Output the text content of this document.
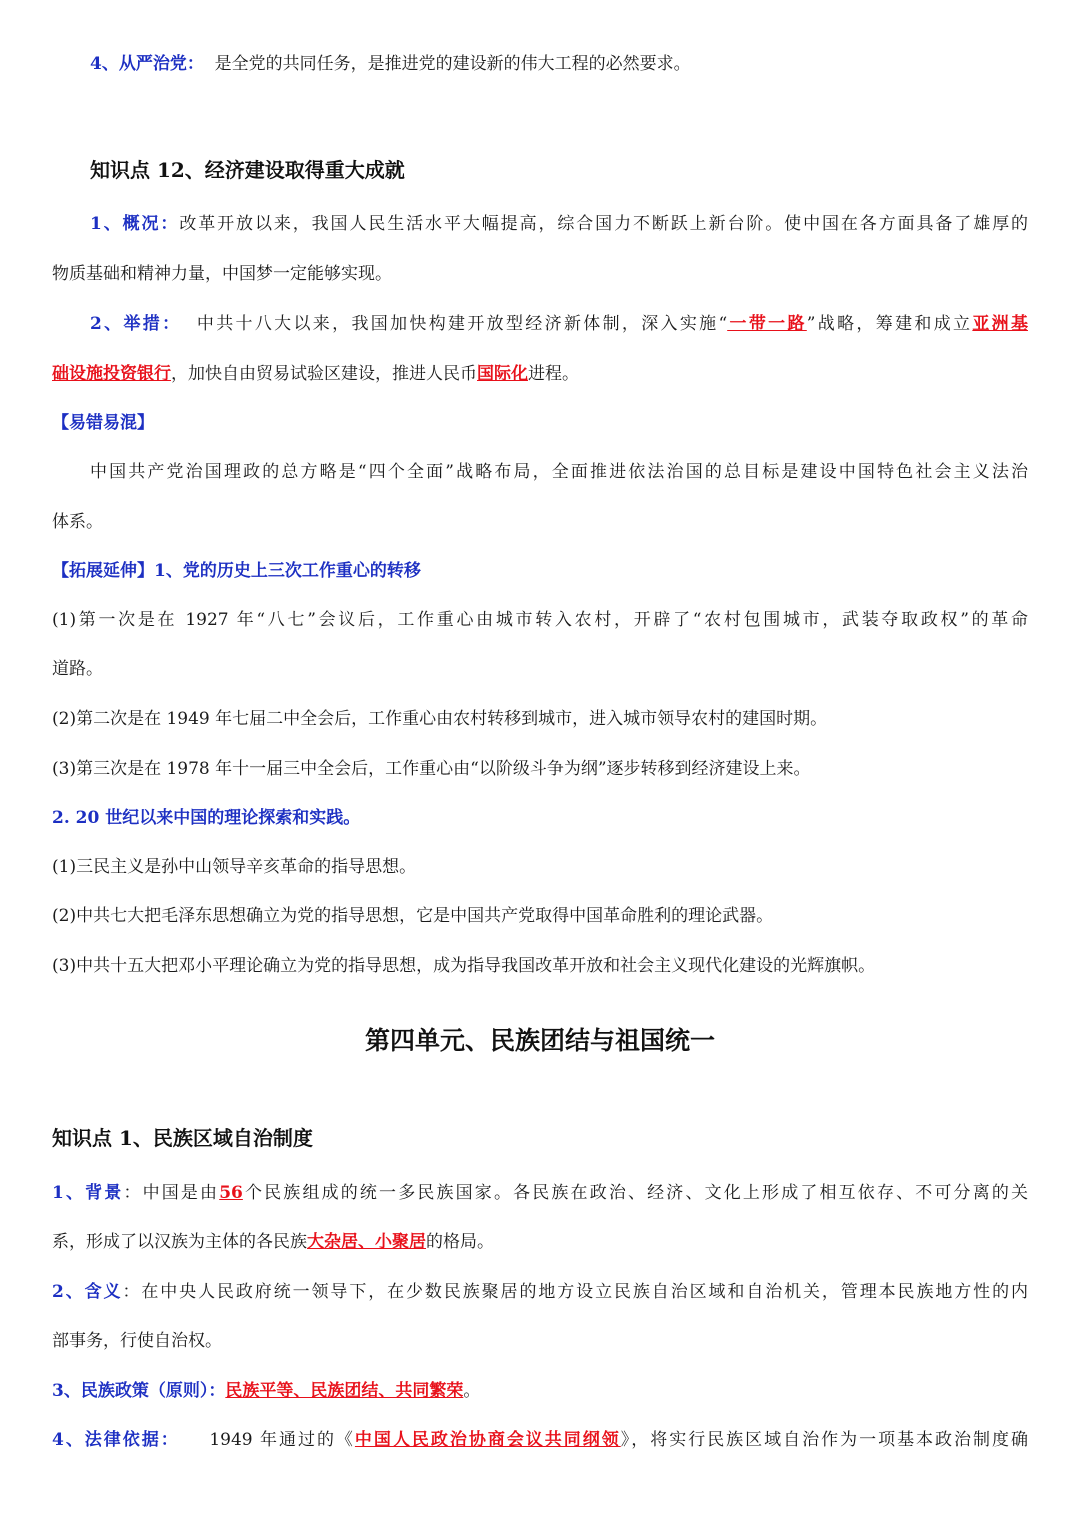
4、从严治党： 是全党的共同任务，是推进党的建设新的伟大工程的必然要求。
知识点 12、经济建设取得重大成就
1、概况：改革开放以来，我国人民生活水平大幅提高，综合国力不断跃上新台阶。使中国在各方面具备了雄厚的
物质基础和精神力量，中国梦一定能够实现。
2、举措： 中共十八大以来，我国加快构建开放型经济新体制，深入实施“一带一路”战略，筹建和成立亚洲基
础设施投资银行，加快自由贸易试验区建设，推进人民币国际化进程。
【易错易混】
中国共产党治国理政的总方略是“四个全面”战略布局，全面推进依法治国的总目标是建设中国特色社会主义法治
体系。
【拓展延伸】1、党的历史上三次工作重心的转移
(1)第一次是在 1927 年“八七”会议后，工作重心由城市转入农村，开辟了“农村包围城市，武装夺取政权”的革命
道路。
(2)第二次是在 1949 年七届二中全会后，工作重心由农村转移到城市，进入城市领导农村的建国时期。
(3)第三次是在 1978 年十一届三中全会后，工作重心由“以阶级斗争为纲”逐步转移到经济建设上来。
2. 20 世纪以来中国的理论探索和实践。
(1)三民主义是孙中山领导辛亥革命的指导思想。
(2)中共七大把毛泽东思想确立为党的指导思想，它是中国共产党取得中国革命胜利的理论武器。
(3)中共十五大把邓小平理论确立为党的指导思想，成为指导我国改革开放和社会主义现代化建设的光辉旗帜。
第四单元、民族团结与祖国统一
知识点 1、民族区域自治制度
1、背景：中国是由56个民族组成的统一多民族国家。各民族在政治、经济、文化上形成了相互依存、不可分离的关
系，形成了以汉族为主体的各民族大杂居、小聚居的格局。
2、含义：在中央人民政府统一领导下，在少数民族聚居的地方设立民族自治区域和自治机关，管理本民族地方性的内
部事务，行使自治权。
3、民族政策（原则）：民族平等、民族团结、共同繁荣。
4、法律依据： 1949 年通过的《中国人民政治协商会议共同纲领》，将实行民族区域自治作为一项基本政治制度确
